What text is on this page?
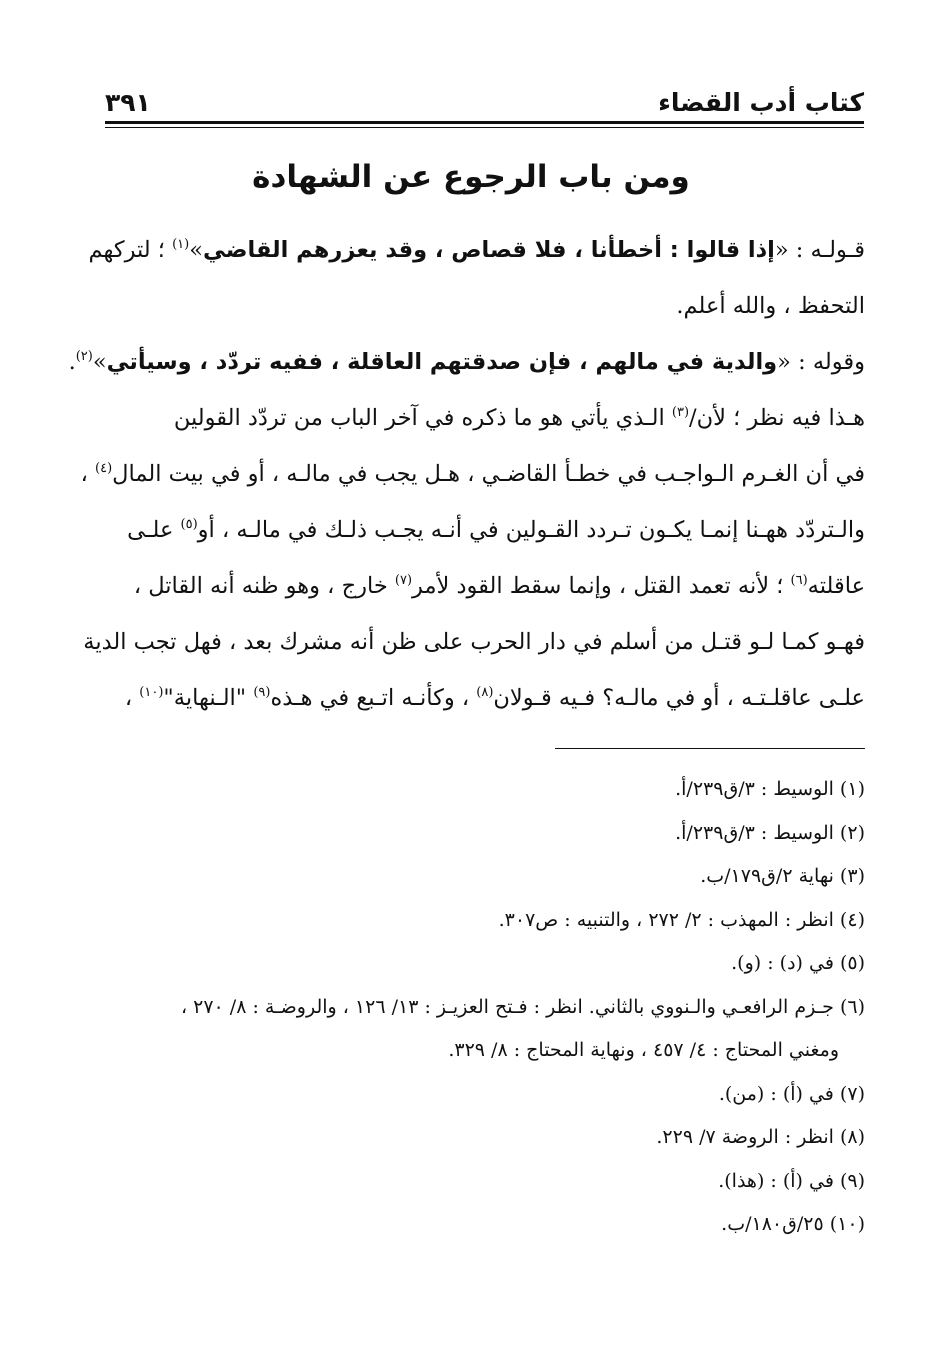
كتاب أدب القضاء
٣٩١
ومن باب الرجوع عن الشهادة
قـولـه : «إذا قالوا : أخطأنا ، فلا قصاص ، وقد يعزرهم القاضي»$^{(١)}$ ؛ لتركهم
التحفظ ، والله أعلم.
وقوله : «والدية في مالهم ، فإن صدقتهم العاقلة ، ففيه تردّد ، وسيأتي»$^{(٢)}$.
هـذا فيه نظر ؛ لأن/$^{(٣)}$ الـذي يأتي هو ما ذكره في آخر الباب من تردّد القولين
في أن الغـرم الـواجـب في خطـأ القاضـي ، هـل يجب في مالـه ، أو في بيت المال$^{(٤)}$ ،
والـتردّد ههـنا إنمـا يكـون تـردد القـولين في أنـه يجـب ذلـك في مالـه ، أو$^{(٥)}$ علـى
عاقلته$^{(٦)}$ ؛ لأنه تعمد القتل ، وإنما سقط القود لأمر$^{(٧)}$ خارج ، وهو ظنه أنه القاتل ،
فهـو كمـا لـو قتـل من أسلم في دار الحرب على ظن أنه مشرك بعد ، فهل تجب الدية
علـى عاقلـتـه ، أو في مالـه؟ فـيه قـولان$^{(٨)}$ ، وكأنـه اتـبع في هـذه$^{(٩)}$ "الـنهاية"$^{(١٠)}$ ،
(١) الوسيط : ٣/ق٢٣٩/أ.
(٢) الوسيط : ٣/ق٢٣٩/أ.
(٣) نهاية ٢/ق١٧٩/ب.
(٤) انظر : المهذب : ٢/ ٢٧٢ ، والتنبيه : ص٣٠٧.
(٥) في (د) : (و).
(٦) جـزم الرافعـي والـنووي بالثاني. انظر : فـتح العزيـز : ١٣/ ١٢٦ ، والروضـة : ٨/ ٢٧٠ ،
ومغني المحتاج : ٤/ ٤٥٧ ، ونهاية المحتاج : ٨/ ٣٢٩.
(٧) في (أ) : (من).
(٨) انظر : الروضة ٧/ ٢٢٩.
(٩) في (أ) : (هذا).
(١٠) ٢٥/ق١٨٠/ب.
